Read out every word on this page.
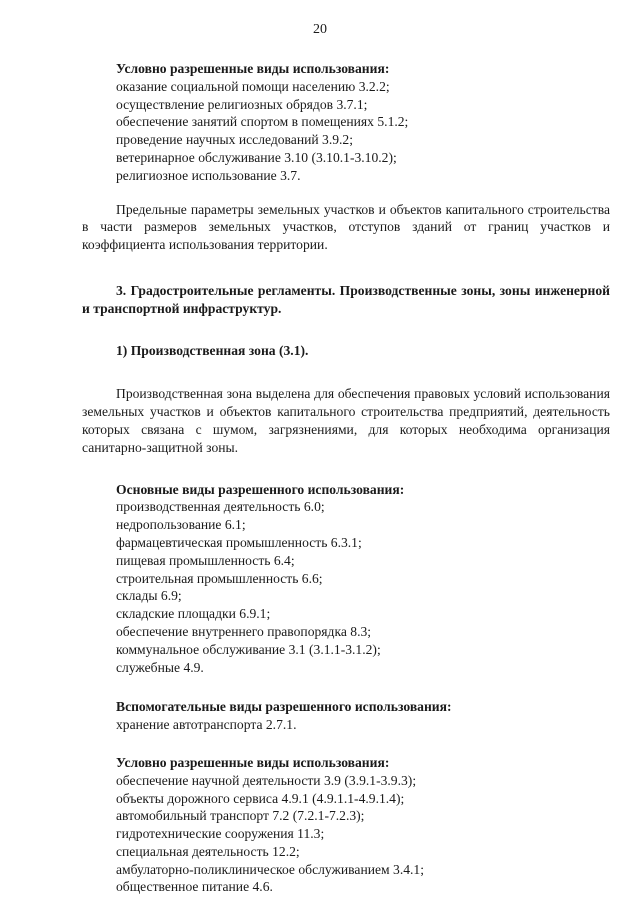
20
Условно разрешенные виды использования:
оказание социальной помощи населению 3.2.2;
осуществление религиозных обрядов 3.7.1;
обеспечение занятий спортом в помещениях 5.1.2;
проведение научных исследований 3.9.2;
ветеринарное обслуживание 3.10 (3.10.1-3.10.2);
религиозное использование 3.7.

Предельные параметры земельных участков и объектов капитального строительства в части размеров земельных участков, отступов зданий от границ участков и коэффициента использования территории.

3. Градостроительные регламенты. Производственные зоны, зоны инженерной и транспортной инфраструктур.

1) Производственная зона (3.1).

Производственная зона выделена для обеспечения правовых условий использования земельных участков и объектов капитального строительства предприятий, деятельность которых связана с шумом, загрязнениями, для которых необходима организация санитарно-защитной зоны.

Основные виды разрешенного использования:
производственная деятельность 6.0;
недропользование 6.1;
фармацевтическая промышленность 6.3.1;
пищевая промышленность 6.4;
строительная промышленность 6.6;
склады 6.9;
складские площадки 6.9.1;
обеспечение внутреннего правопорядка 8.3;
коммунальное обслуживание 3.1 (3.1.1-3.1.2);
служебные 4.9.
Вспомогательные виды разрешенного использования:
хранение автотранспорта 2.7.1.
Условно разрешенные виды использования:
обеспечение научной деятельности 3.9 (3.9.1-3.9.3);
объекты дорожного сервиса 4.9.1 (4.9.1.1-4.9.1.4);
автомобильный транспорт 7.2 (7.2.1-7.2.3);
гидротехнические сооружения 11.3;
специальная деятельность 12.2;
амбулаторно-поликлиническое обслуживанием 3.4.1;
общественное питание 4.6.
